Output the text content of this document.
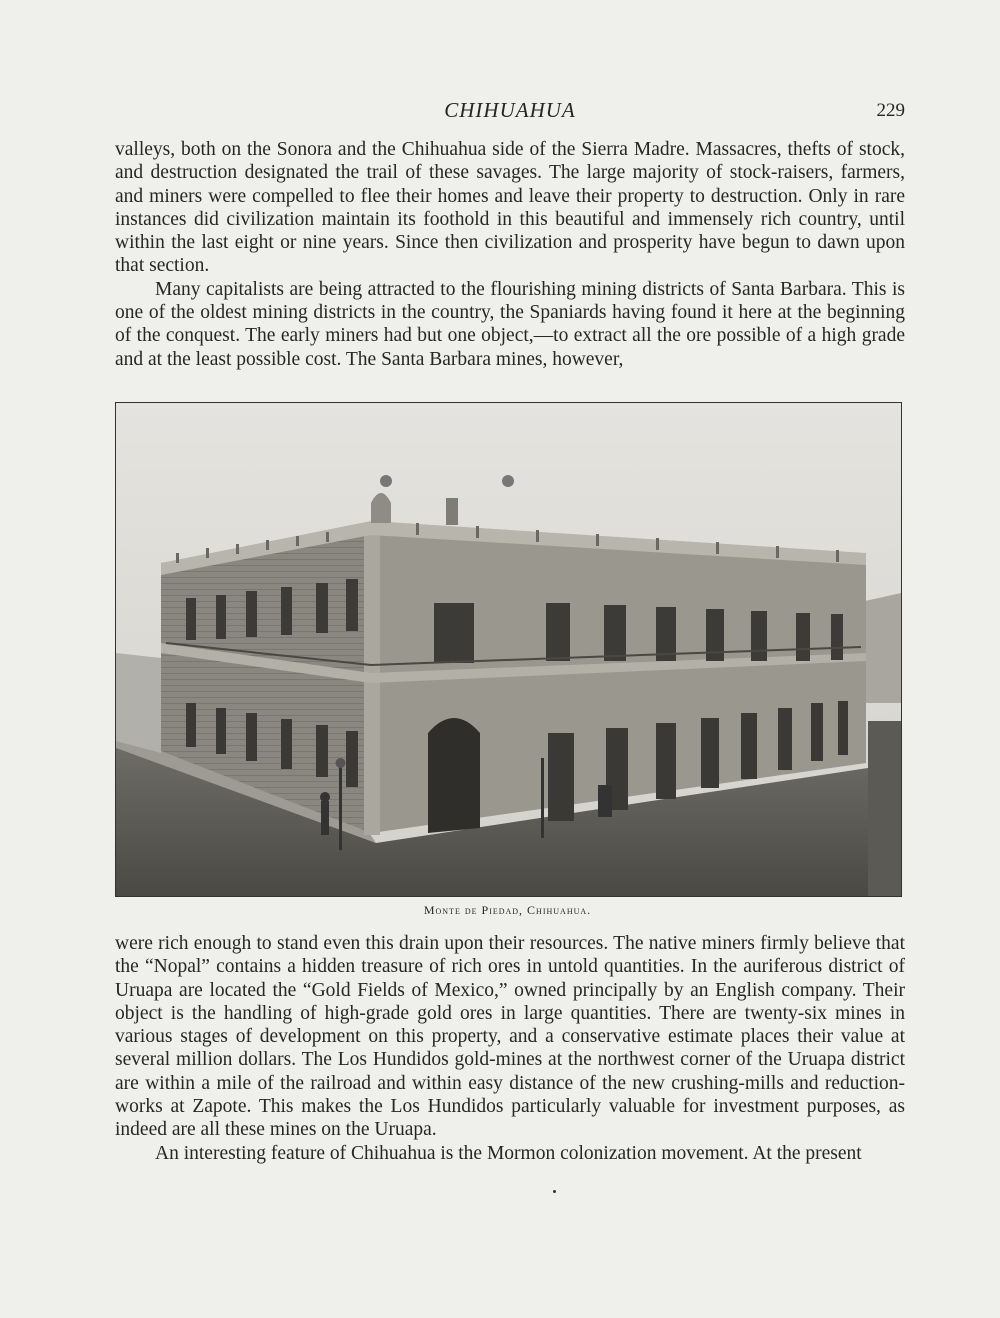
CHIHUAHUA	229

valleys, both on the Sonora and the Chihuahua side of the Sierra Madre. Massacres, thefts of stock, and destruction designated the trail of these savages. The large majority of stock-raisers, farmers, and miners were compelled to flee their homes and leave their property to destruction. Only in rare instances did civilization maintain its foothold in this beautiful and immensely rich country, until within the last eight or nine years. Since then civilization and prosperity have begun to dawn upon that section.

Many capitalists are being attracted to the flourishing mining districts of Santa Barbara. This is one of the oldest mining districts in the country, the Spaniards having found it here at the beginning of the conquest. The early miners had but one object,—to extract all the ore possible of a high grade and at the least possible cost. The Santa Barbara mines, however,

Monte de Piedad, Chihuahua.

were rich enough to stand even this drain upon their resources. The native miners firmly believe that the “Nopal” contains a hidden treasure of rich ores in untold quantities. In the auriferous district of Uruapa are located the “Gold Fields of Mexico,” owned principally by an English company. Their object is the handling of high-grade gold ores in large quantities. There are twenty-six mines in various stages of development on this property, and a conservative estimate places their value at several million dollars. The Los Hundidos gold-mines at the northwest corner of the Uruapa district are within a mile of the railroad and within easy distance of the new crushing-mills and reduction-works at Zapote. This makes the Los Hundidos particularly valuable for investment purposes, as indeed are all these mines on the Uruapa.

An interesting feature of Chihuahua is the Mormon colonization movement. At the present
